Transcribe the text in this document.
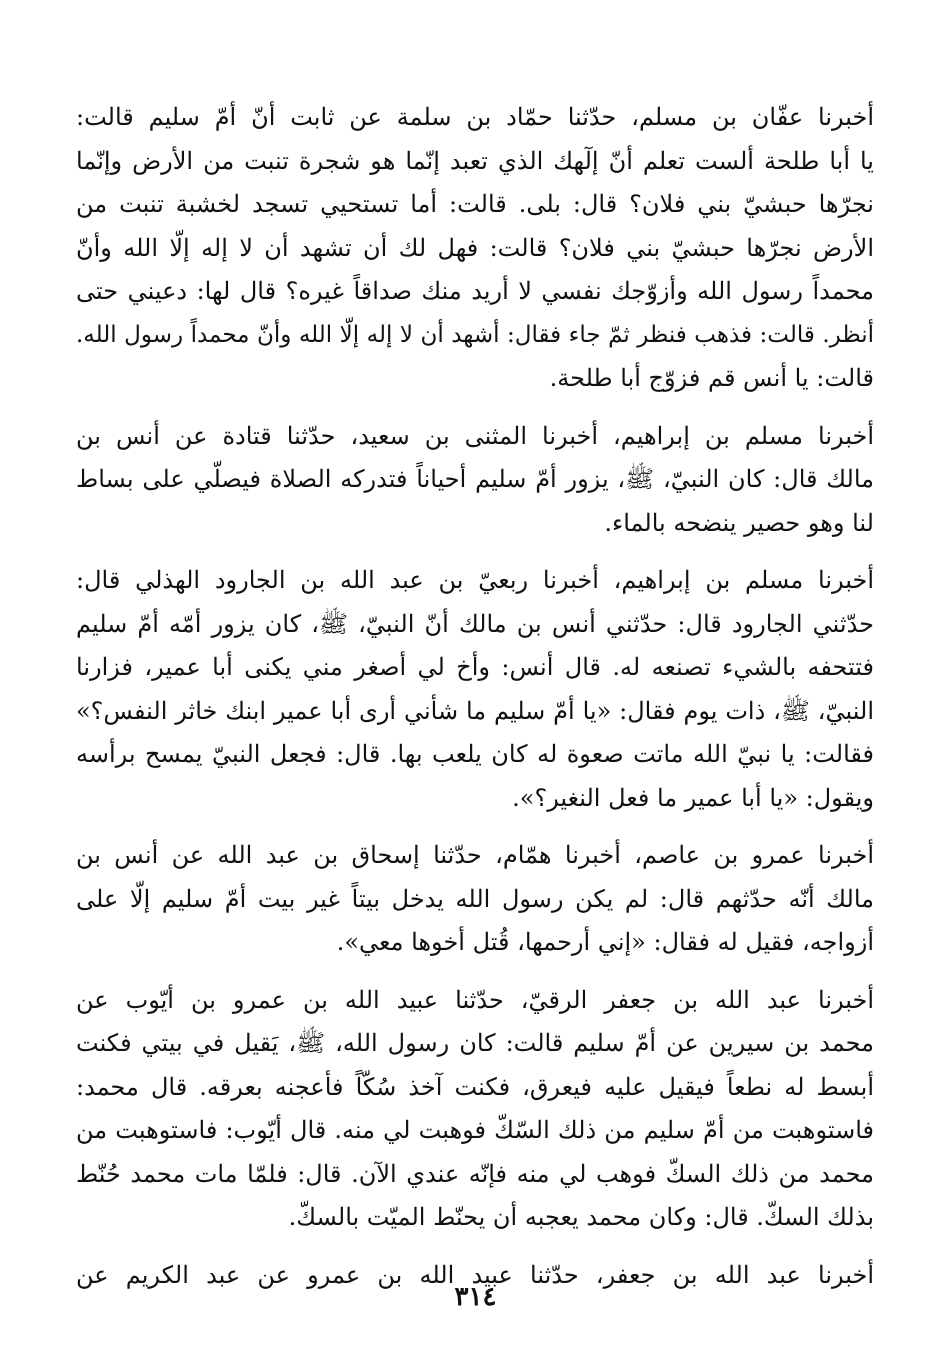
أخبرنا عفّان بن مسلم، حدّثنا حمّاد بن سلمة عن ثابت أنّ أمّ سليم قالت:
يا أبا طلحة ألست تعلم أنّ إلٓهك الذي تعبد إنّما هو شجرة تنبت من الأرض وإنّما
نجرّها حبشيّ بني فلان؟ قال: بلى. قالت: أما تستحيي تسجد لخشبة تنبت من
الأرض نجرّها حبشيّ بني فلان؟ قالت: فهل لك أن تشهد أن لا إله إلّا الله وأنّ
محمداً رسول الله وأزوّجك نفسي لا أريد منك صداقاً غيره؟ قال لها: دعيني حتى
أنظر. قالت: فذهب فنظر ثمّ جاء فقال: أشهد أن لا إله إلّا الله وأنّ محمداً رسول الله.
قالت: يا أنس قم فزوّج أبا طلحة.
أخبرنا مسلم بن إبراهيم، أخبرنا المثنى بن سعيد، حدّثنا قتادة عن أنس بن
مالك قال: كان النبيّ، ﷺ، يزور أمّ سليم أحياناً فتدركه الصلاة فيصلّي على بساط
لنا وهو حصير ينضحه بالماء.
أخبرنا مسلم بن إبراهيم، أخبرنا ربعيّ بن عبد الله بن الجارود الهذلي قال:
حدّثني الجارود قال: حدّثني أنس بن مالك أنّ النبيّ، ﷺ، كان يزور أمّه أمّ سليم
فتتحفه بالشيء تصنعه له. قال أنس: وأخ لي أصغر مني يكنى أبا عمير، فزارنا
النبيّ، ﷺ، ذات يوم فقال: «يا أمّ سليم ما شأني أرى أبا عمير ابنك خاثر النفس؟»
فقالت: يا نبيّ الله ماتت صعوة له كان يلعب بها. قال: فجعل النبيّ يمسح برأسه
ويقول: «يا أبا عمير ما فعل النغير؟».
أخبرنا عمرو بن عاصم، أخبرنا همّام، حدّثنا إسحاق بن عبد الله عن أنس بن
مالك أنّه حدّثهم قال: لم يكن رسول الله يدخل بيتاً غير بيت أمّ سليم إلّا على
أزواجه، فقيل له فقال: «إني أرحمها، قُتل أخوها معي».
أخبرنا عبد الله بن جعفر الرقيّ، حدّثنا عبيد الله بن عمرو بن أيّوب عن
محمد بن سيرين عن أمّ سليم قالت: كان رسول الله، ﷺ، يَقيل في بيتي فكنت
أبسط له نطعاً فيقيل عليه فيعرق، فكنت آخذ سُكّاً فأعجنه بعرقه. قال محمد:
فاستوهبت من أمّ سليم من ذلك السّكّ فوهبت لي منه. قال أيّوب: فاستوهبت من
محمد من ذلك السكّ فوهب لي منه فإنّه عندي الآن. قال: فلمّا مات محمد حُنّط
بذلك السكّ. قال: وكان محمد يعجبه أن يحنّط الميّت بالسكّ.
أخبرنا عبد الله بن جعفر، حدّثنا عبيد الله بن عمرو عن عبد الكريم عن
٣١٤
